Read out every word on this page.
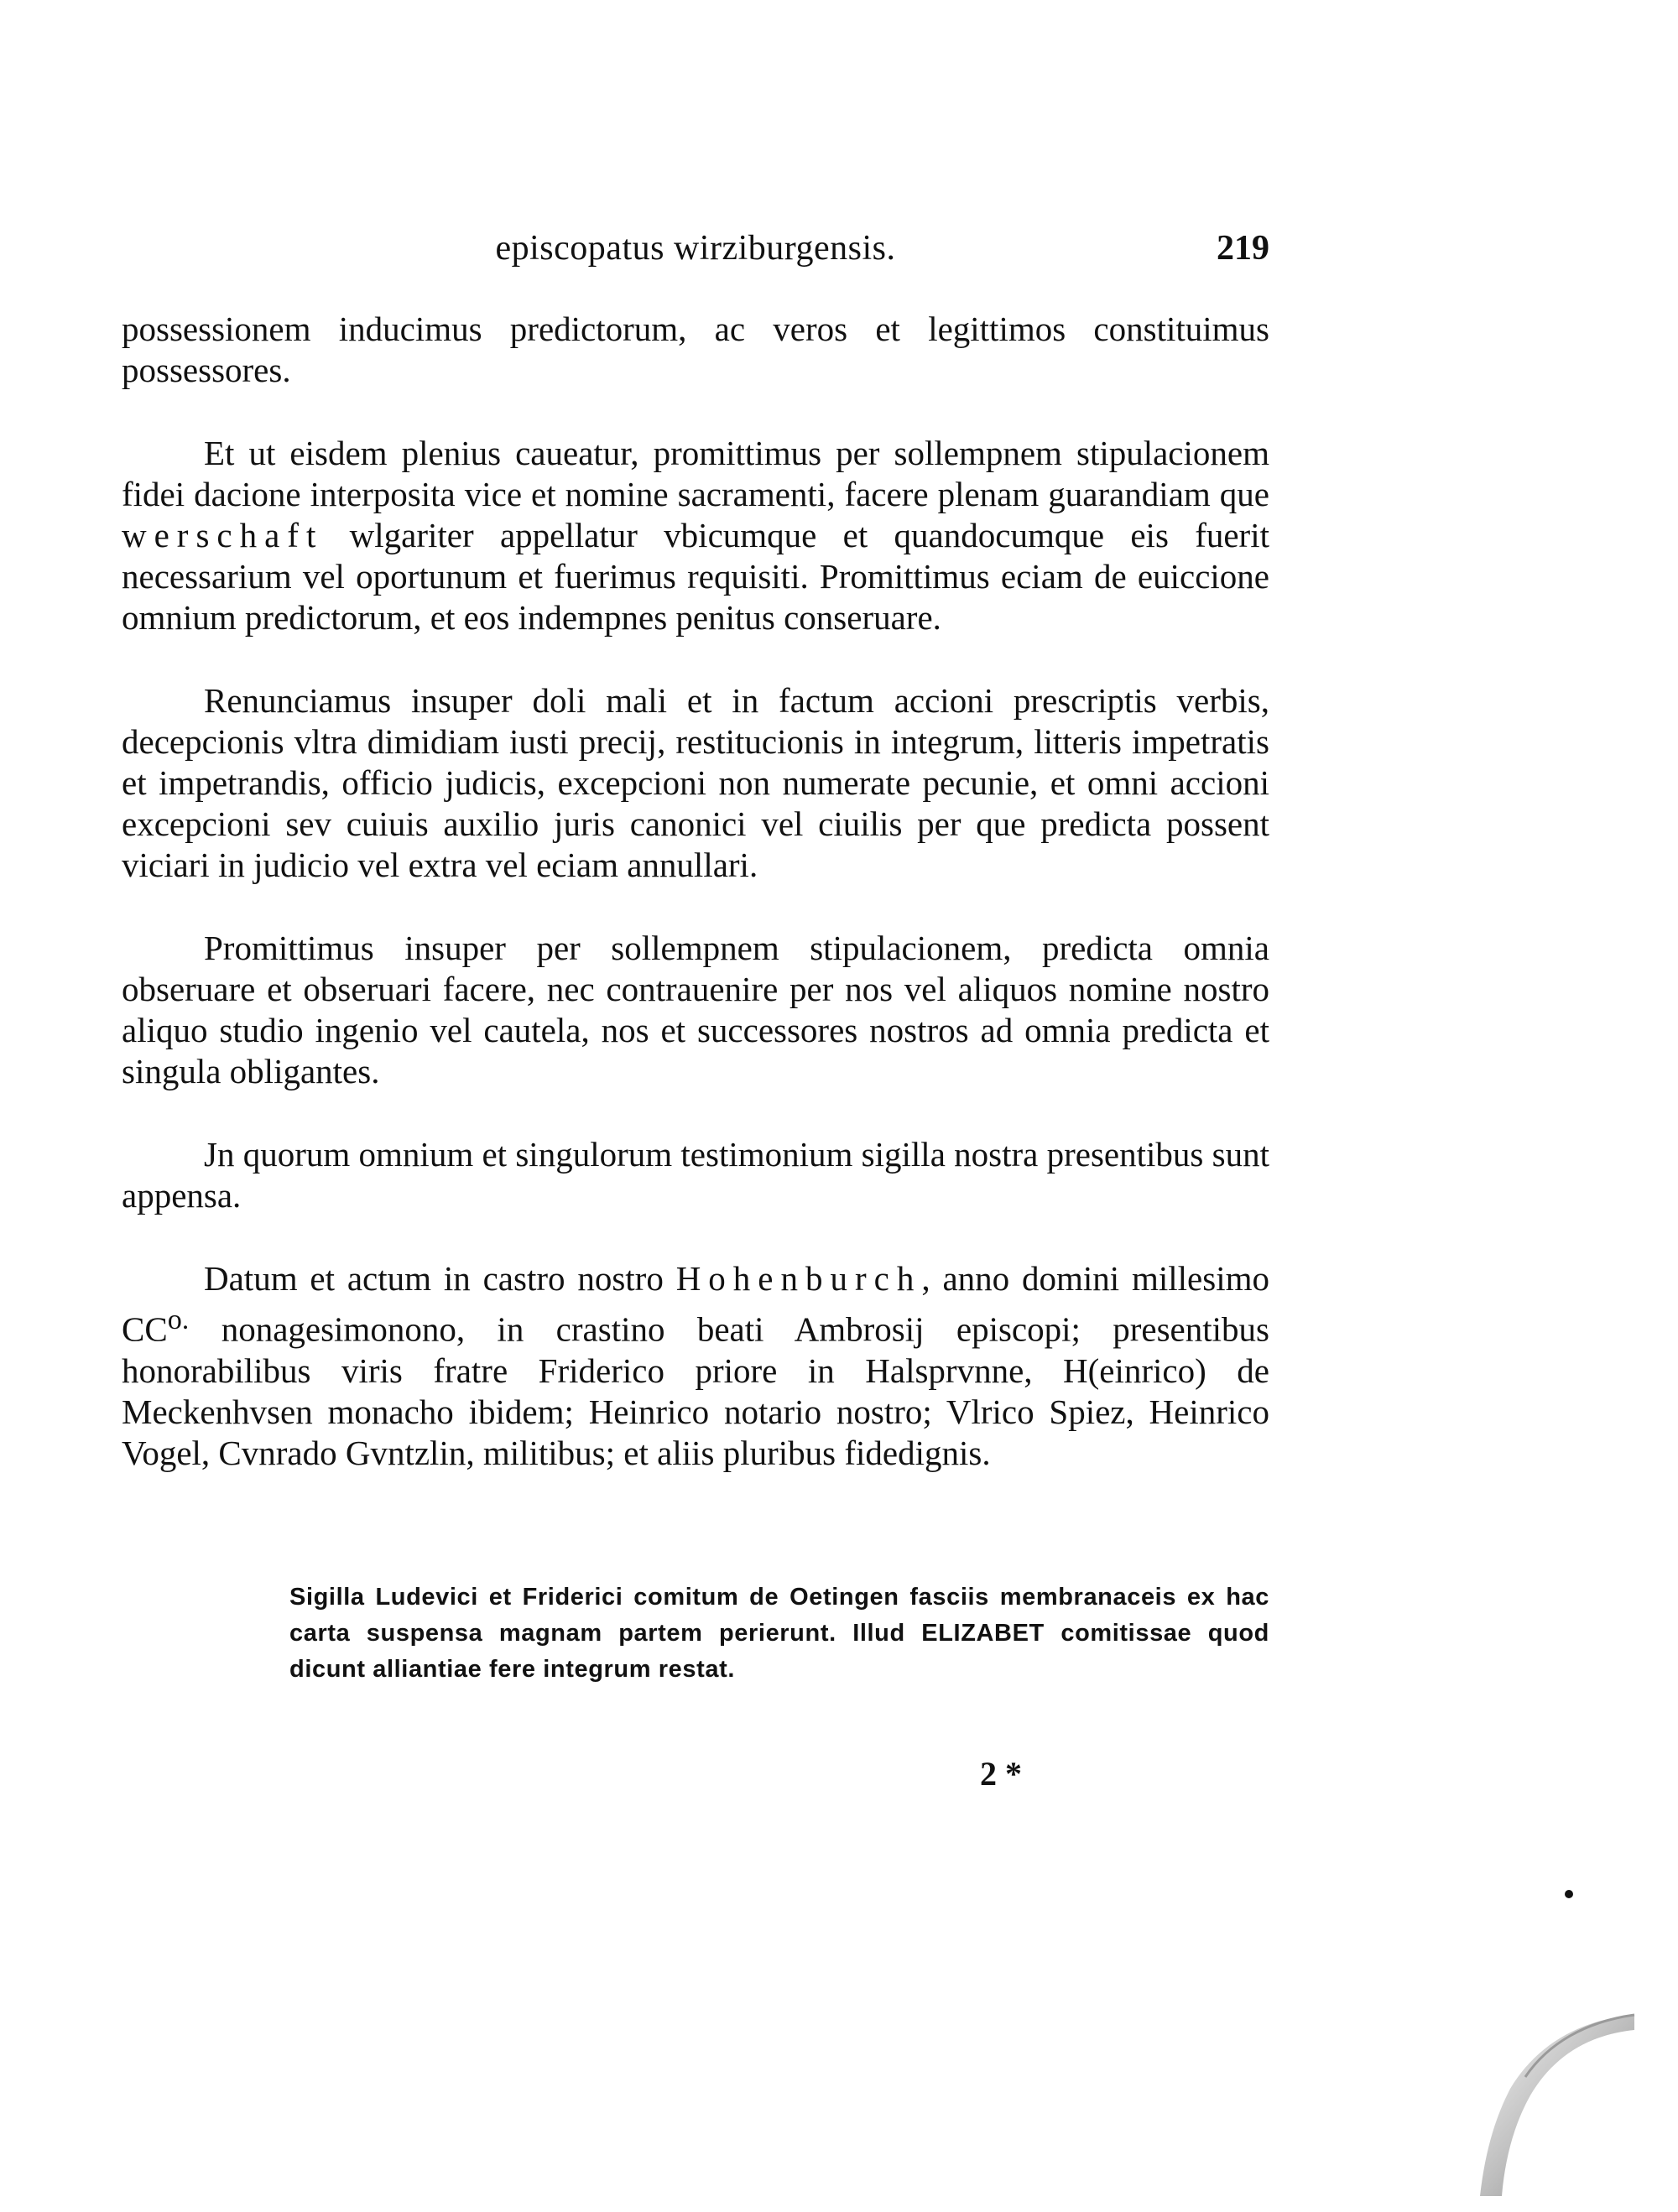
episcopatus wirziburgensis.	219

possessionem inducimus predictorum, ac veros et legittimos constituimus possessores.

Et ut eisdem plenius caueatur, promittimus per sollempnem stipulacionem fidei dacione interposita vice et nomine sacramenti, facere plenam guarandiam que werschaft wlgariter appellatur vbicumque et quandocumque eis fuerit necessarium vel oportunum et fuerimus requisiti. Promittimus eciam de euiccione omnium predictorum, et eos indempnes penitus conseruare.

Renunciamus insuper doli mali et in factum accioni prescriptis verbis, decepcionis vltra dimidiam iusti precij, restitucionis in integrum, litteris impetratis et impetrandis, officio judicis, excepcioni non numerate pecunie, et omni accioni excepcioni sev cuiuis auxilio juris canonici vel ciuilis per que predicta possent viciari in judicio vel extra vel eciam annullari.

Promittimus insuper per sollempnem stipulacionem, predicta omnia obseruare et obseruari facere, nec contrauenire per nos vel aliquos nomine nostro aliquo studio ingenio vel cautela, nos et successores nostros ad omnia predicta et singula obligantes.

Jn quorum omnium et singulorum testimonium sigilla nostra presentibus sunt appensa.

Datum et actum in castro nostro Hohenburch, anno domini millesimo $CC^{o.}$ nonagesimonono, in crastino beati Ambrosij episcopi; presentibus honorabilibus viris fratre Friderico priore in Halsprvnne, H(einrico) de Meckenhvsen monacho ibidem; Heinrico notario nostro; Vlrico Spiez, Heinrico Vogel, Cvnrado Gvntzlin, militibus; et aliis pluribus fidedignis.

Sigilla Ludevici et Friderici comitum de Oetingen fasciis membranaceis ex hac carta suspensa magnam partem perierunt. Illud ELIZABET comitissae quod dicunt alliantiae fere integrum restat.

2 *
